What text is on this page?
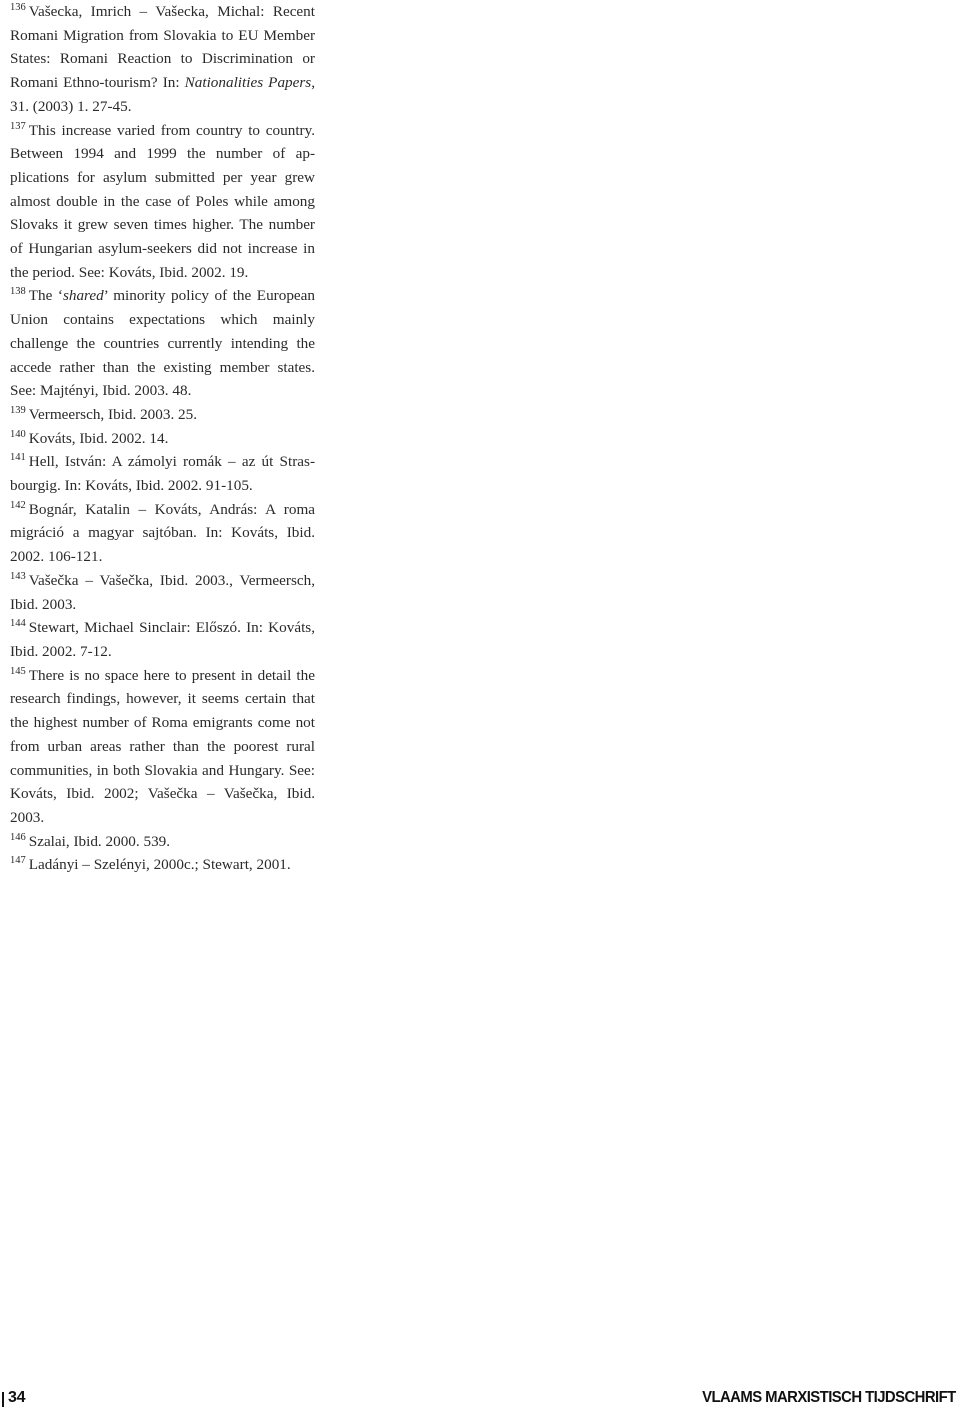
$^{136}$ Vašecka, Imrich – Vašecka, Michal: Recent Romani Migration from Slovakia to EU Member States: Romani Reaction to Discrimination or Romani Ethno-tourism? In: Nationalities Papers, 31. (2003) 1. 27-45.

$^{137}$ This increase varied from country to country. Between 1994 and 1999 the number of applications for asylum submitted per year grew almost double in the case of Poles while among Slovaks it grew seven times higher. The number of Hungarian asylum-seekers did not increase in the period. See: Kováts, Ibid. 2002. 19.

$^{138}$ The ‘shared’ minority policy of the European Union contains expectations which mainly challenge the countries currently intending the accede rather than the existing member states. See: Majtényi, Ibid. 2003. 48.

$^{139}$ Vermeersch, Ibid. 2003. 25.

$^{140}$ Kováts, Ibid. 2002. 14.

$^{141}$ Hell, István: A zámolyi romák – az út Strasbourgig. In: Kováts, Ibid. 2002. 91-105.

$^{142}$ Bognár, Katalin – Kováts, András: A roma migráció a magyar sajtóban. In: Kováts, Ibid. 2002. 106-121.

$^{143}$ Vašečka – Vašečka, Ibid. 2003., Vermeersch, Ibid. 2003.

$^{144}$ Stewart, Michael Sinclair: Előszó. In: Kováts, Ibid. 2002. 7-12.

$^{145}$ There is no space here to present in detail the research findings, however, it seems certain that the highest number of Roma emigrants come not from urban areas rather than the poorest rural communities, in both Slovakia and Hungary. See: Kováts, Ibid. 2002; Vašečka – Vašečka, Ibid. 2003.

$^{146}$ Szalai, Ibid. 2000. 539.

$^{147}$ Ladányi – Szelényi, 2000c.; Stewart, 2001.

34	VLAAMS MARXISTISCH TIJDSCHRIFT
